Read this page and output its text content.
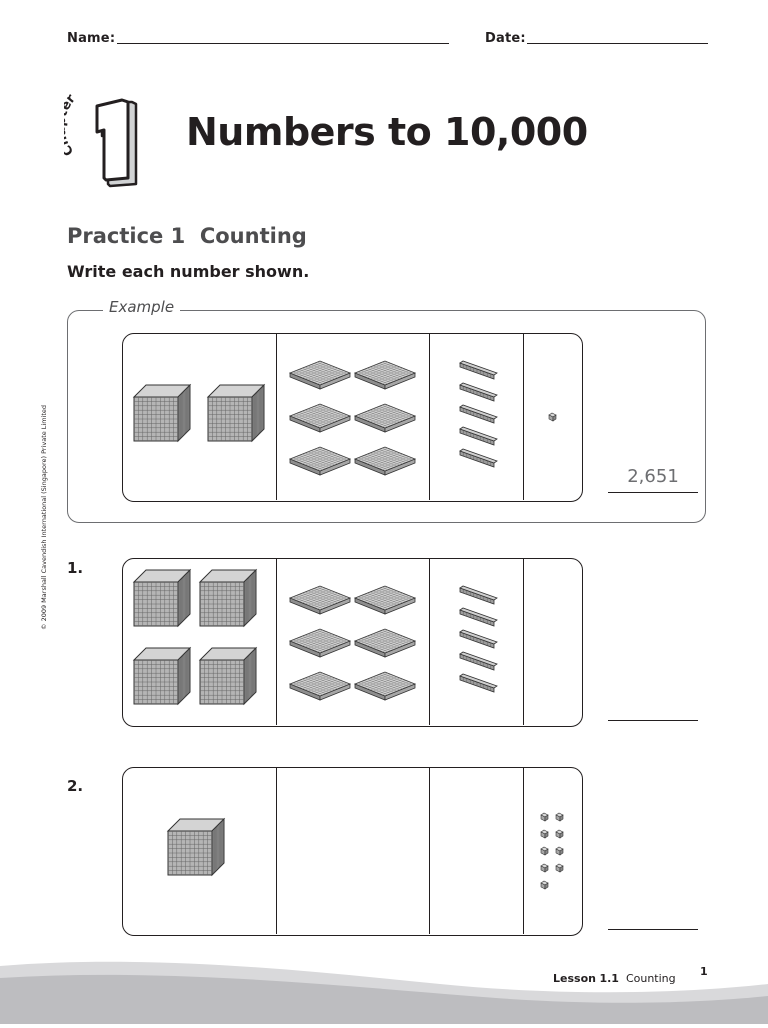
Name:	Date:
r
Numbers to 10,000
Practice 1 Counting
Write each number shown.
© 2009 Marshall Cavendish International (Singapore) Private Limited
Example
2,651
1.
2.
Lesson 1.1 Counting
1
